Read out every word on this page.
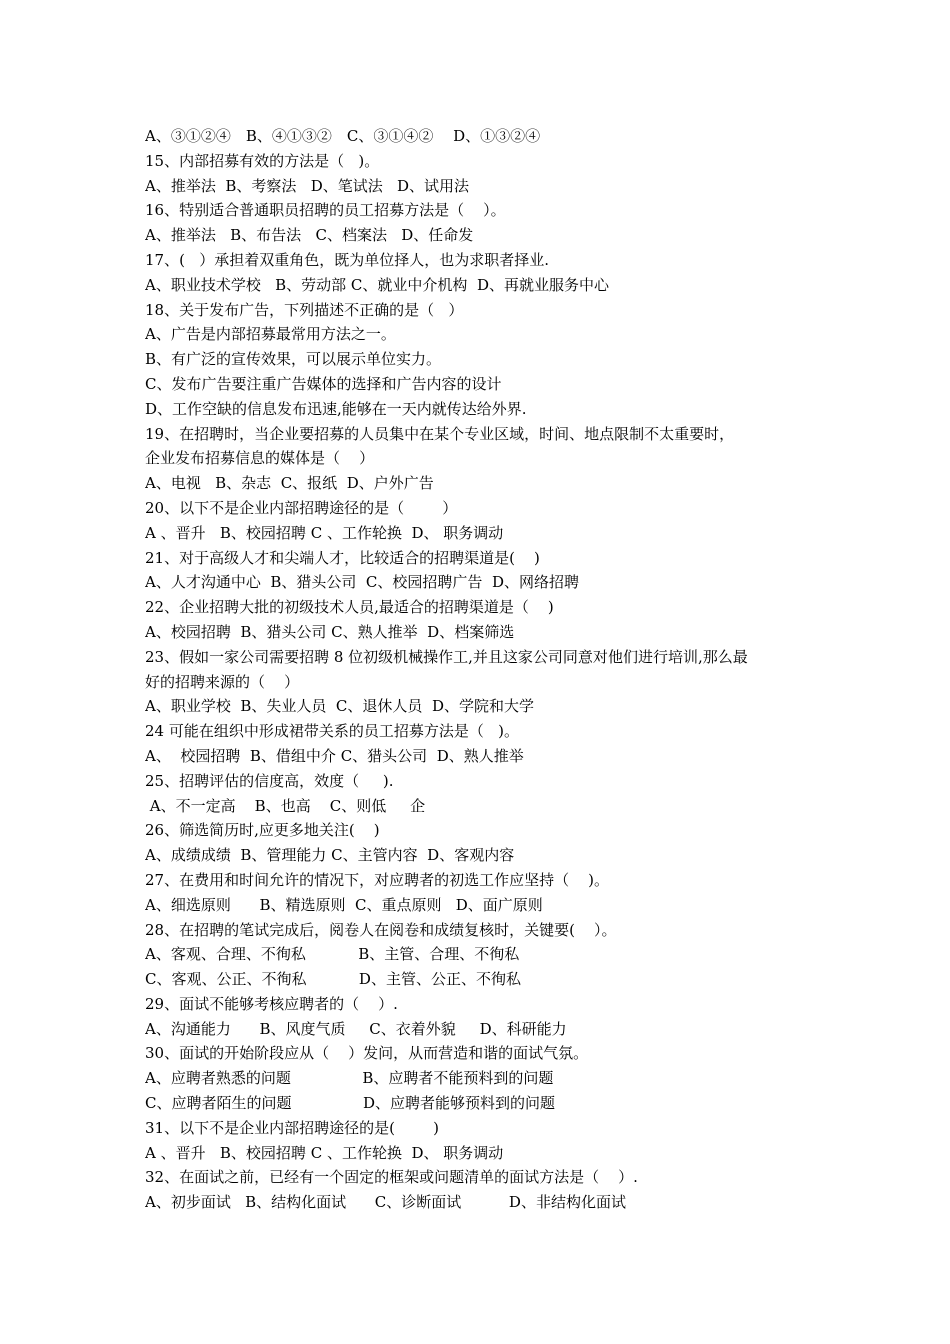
A、③①②④　B、④①③②　C、③①④②　 D、①③②④
15、内部招募有效的方法是（   )。
A、推举法  B、考察法   D、笔试法   D、试用法
16、特别适合普通职员招聘的员工招募方法是（    ）。
A、推举法   B、布告法   C、档案法   D、任命发
17、(   ）承担着双重角色，既为单位择人，也为求职者择业.
A、职业技术学校   B、劳动部 C、就业中介机构  D、再就业服务中心
18、关于发布广告，下列描述不正确的是（   ）
A、广告是内部招募最常用方法之一。
B、有广泛的宣传效果，可以展示单位实力。
C、发布广告要注重广告媒体的选择和广告内容的设计
D、工作空缺的信息发布迅速,能够在一天内就传达给外界.
19、在招聘时，当企业要招募的人员集中在某个专业区域，时间、地点限制不太重要时，
企业发布招募信息的媒体是（    ）
A、电视   B、杂志  C、报纸  D、户外广告
20、以下不是企业内部招聘途径的是（        ）
A 、晋升   B、校园招聘 C 、工作轮换  D、 职务调动
21、对于高级人才和尖端人才，比较适合的招聘渠道是(    )
A、人才沟通中心  B、猎头公司  C、校园招聘广告  D、网络招聘
22、企业招聘大批的初级技术人员,最适合的招聘渠道是（    )
A、校园招聘  B、猎头公司 C、熟人推举  D、档案筛选
23、假如一家公司需要招聘 8 位初级机械操作工,并且这家公司同意对他们进行培训,那么最
好的招聘来源的（    ）
A、职业学校  B、失业人员  C、退休人员  D、学院和大学
24 可能在组织中形成裙带关系的员工招募方法是（   )。
A、  校园招聘  B、借组中介 C、猎头公司  D、熟人推举
25、招聘评估的信度高，效度（     ).
A、不一定高    B、也高    C、则低     企
26、筛选简历时,应更多地关注(    )
A、成绩成绩  B、管理能力 C、主管内容  D、客观内容
27、在费用和时间允许的情况下，对应聘者的初选工作应坚持（    )。
A、细选原则      B、精选原则  C、重点原则   D、面广原则
28、在招聘的笔试完成后，阅卷人在阅卷和成绩复核时，关键要(    ）。
A、客观、合理、不徇私           B、主管、合理、不徇私
C、客观、公正、不徇私           D、主管、公正、不徇私
29、面试不能够考核应聘者的（    ）.
A、沟通能力      B、风度气质     C、衣着外貌     D、科研能力
30、面试的开始阶段应从（    ）发问，从而营造和谐的面试气氛。
A、应聘者熟悉的问题               B、应聘者不能预料到的问题
C、应聘者陌生的问题               D、应聘者能够预料到的问题
31、以下不是企业内部招聘途径的是(        )
A 、晋升   B、校园招聘 C 、工作轮换  D、 职务调动
32、在面试之前，已经有一个固定的框架或问题清单的面试方法是（    ）.
A、初步面试   B、结构化面试      C、诊断面试          D、非结构化面试
